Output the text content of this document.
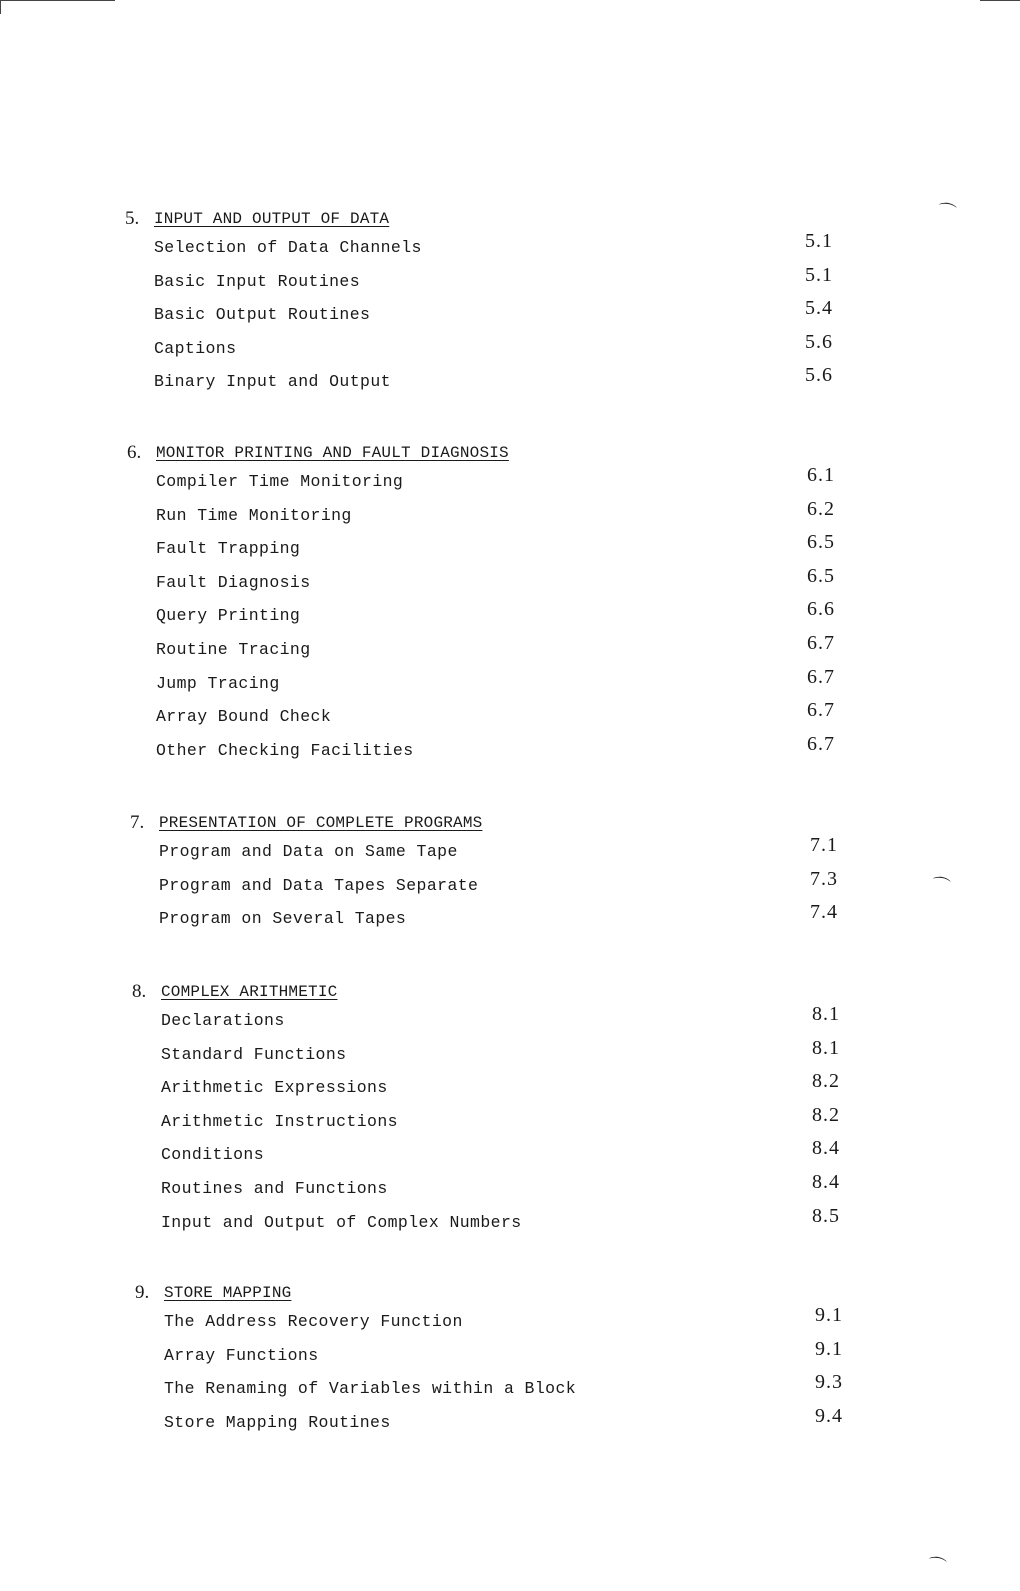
⌒
⌒
⌒
5. INPUT AND OUTPUT OF DATA
Selection of Data Channels	5.1
Basic Input Routines	5.1
Basic Output Routines	5.4
Captions	5.6
Binary Input and Output	5.6
6. MONITOR PRINTING AND FAULT DIAGNOSIS
Compiler Time Monitoring	6.1
Run Time Monitoring	6.2
Fault Trapping	6.5
Fault Diagnosis	6.5
Query Printing	6.6
Routine Tracing	6.7
Jump Tracing	6.7
Array Bound Check	6.7
Other Checking Facilities	6.7
7. PRESENTATION OF COMPLETE PROGRAMS
Program and Data on Same Tape	7.1
Program and Data Tapes Separate	7.3
Program on Several Tapes	7.4
8. COMPLEX ARITHMETIC
Declarations	8.1
Standard Functions	8.1
Arithmetic Expressions	8.2
Arithmetic Instructions	8.2
Conditions	8.4
Routines and Functions	8.4
Input and Output of Complex Numbers	8.5
9. STORE MAPPING
The Address Recovery Function	9.1
Array Functions	9.1
The Renaming of Variables within a Block	9.3
Store Mapping Routines	9.4
